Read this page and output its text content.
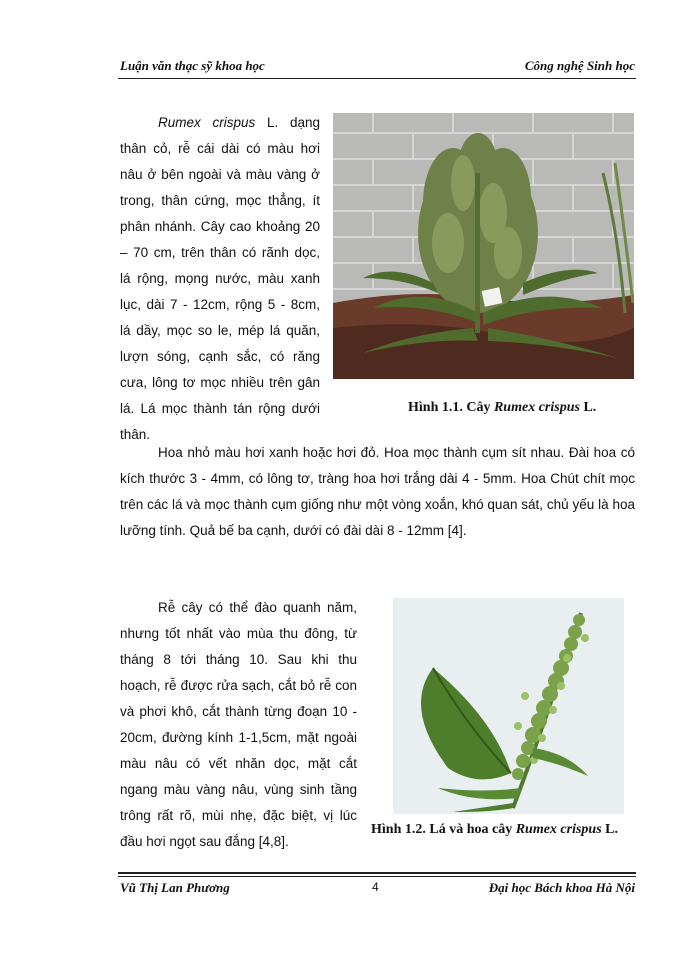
Luận văn thạc sỹ khoa học	Công nghệ Sinh học
Rumex crispus L. dạng thân cỏ, rễ cái dài có màu hơi nâu ở bên ngoài và màu vàng ở trong, thân cứng, mọc thẳng, ít phân nhánh. Cây cao khoảng 20 – 70 cm, trên thân có rãnh dọc, lá rộng, mọng nước, màu xanh lục, dài 7 - 12cm, rộng 5 - 8cm, lá dầy, mọc so le, mép lá quăn, lượn sóng, cạnh sắc, có răng cưa, lông tơ mọc nhiều trên gân lá. Lá mọc thành tán rộng dưới thân.
Hình 1.1. Cây Rumex crispus L.
Hoa nhỏ màu hơi xanh hoặc hơi đỏ. Hoa mọc thành cụm sít nhau. Đài hoa có kích thước 3 - 4mm, có lông tơ, tràng hoa hơi trắng dài 4 - 5mm. Hoa Chút chít mọc trên các lá và mọc thành cụm giống như một vòng xoắn, khó quan sát, chủ yếu là hoa lưỡng tính. Quả bế ba cạnh, dưới có đài dài 8 - 12mm [4].
Rễ cây có thể đào quanh năm, nhưng tốt nhất vào mùa thu đông, từ tháng 8 tới tháng 10. Sau khi thu hoạch, rễ được rửa sạch, cắt bỏ rễ con và phơi khô, cắt thành từng đoạn 10 - 20cm, đường kính 1-1,5cm, mặt ngoài màu nâu có vết nhăn dọc, mặt cắt ngang màu vàng nâu, vùng sinh tầng trông rất rõ, mùi nhẹ, đặc biệt, vị lúc đầu hơi ngọt sau đắng [4,8].
Hình 1.2. Lá và hoa cây Rumex crispus L.
Vũ Thị Lan Phương	4	Đại học Bách khoa Hà Nội
